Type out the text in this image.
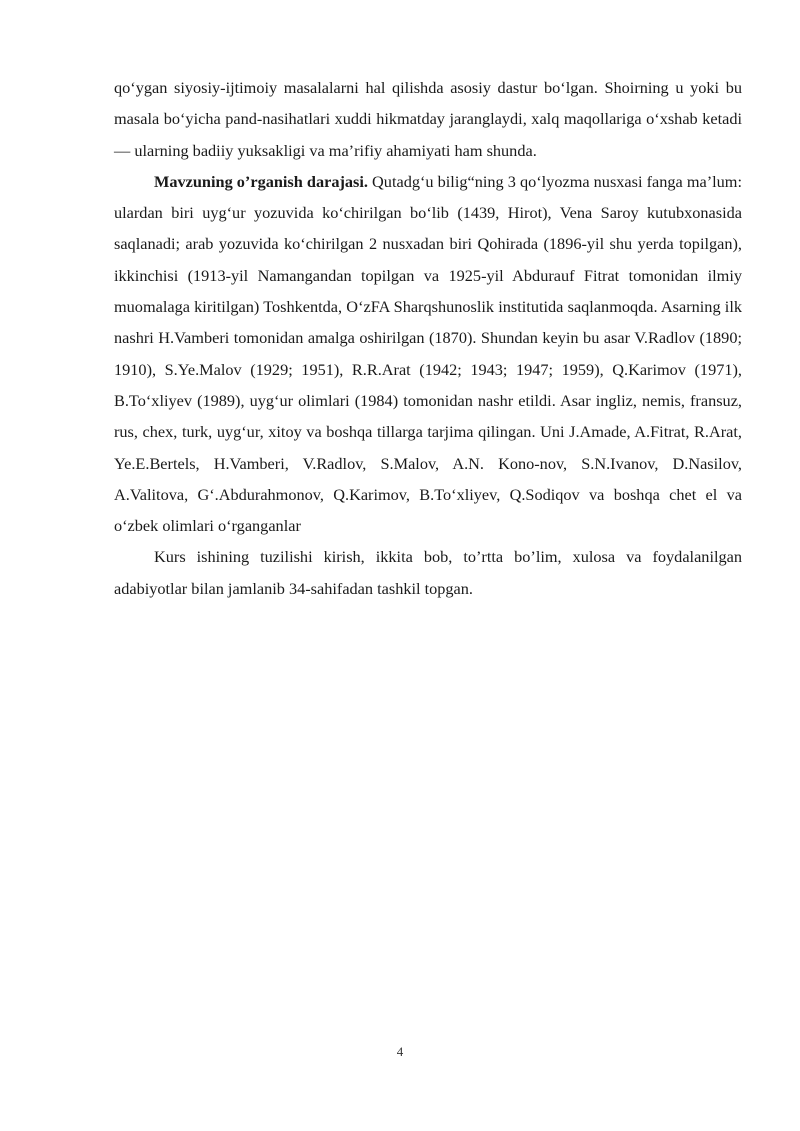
qo‘ygan siyosiy-ijtimoiy masalalarni hal qilishda asosiy dastur bo‘lgan. Shoirning u yoki bu masala bo‘yicha pand-nasihatlari xuddi hikmatday jaranglaydi, xalq maqollariga o‘xshab ketadi — ularning badiiy yuksakligi va ma’rifiy ahamiyati ham shunda.

Mavzuning o’rganish darajasi. Qutadg‘u bilig“ning 3 qo‘lyozma nusxasi fanga ma’lum: ulardan biri uyg‘ur yozuvida ko‘chirilgan bo‘lib (1439, Hirot), Vena Saroy kutubxonasida saqlanadi; arab yozuvida ko‘chirilgan 2 nusxadan biri Qohirada (1896-yil shu yerda topilgan), ikkinchisi (1913-yil Namangandan topilgan va 1925-yil Abdurauf Fitrat tomonidan ilmiy muomalaga kiritilgan) Toshkentda, O‘zFA Sharqshunoslik institutida saqlanmoqda. Asarning ilk nashri H.Vamberi tomonidan amalga oshirilgan (1870). Shundan keyin bu asar V.Radlov (1890; 1910), S.Ye.Malov (1929; 1951), R.R.Arat (1942; 1943; 1947; 1959), Q.Karimov (1971), B.To‘xliyev (1989), uyg‘ur olimlari (1984) tomonidan nashr etildi. Asar ingliz, nemis, fransuz, rus, chex, turk, uyg‘ur, xitoy va boshqa tillarga tarjima qilingan. Uni J.Amade, A.Fitrat, R.Arat, Ye.E.Bertels, H.Vamberi, V.Radlov, S.Malov, A.N. Kono-nov, S.N.Ivanov, D.Nasilov, A.Valitova, G‘.Abdurahmonov, Q.Karimov, B.To‘xliyev, Q.Sodiqov va boshqa chet el va o‘zbek olimlari o‘rganganlar

Kurs ishining tuzilishi kirish, ikkita bob, to’rtta bo’lim, xulosa va foydalanilgan adabiyotlar bilan jamlanib 34-sahifadan tashkil topgan.

4
